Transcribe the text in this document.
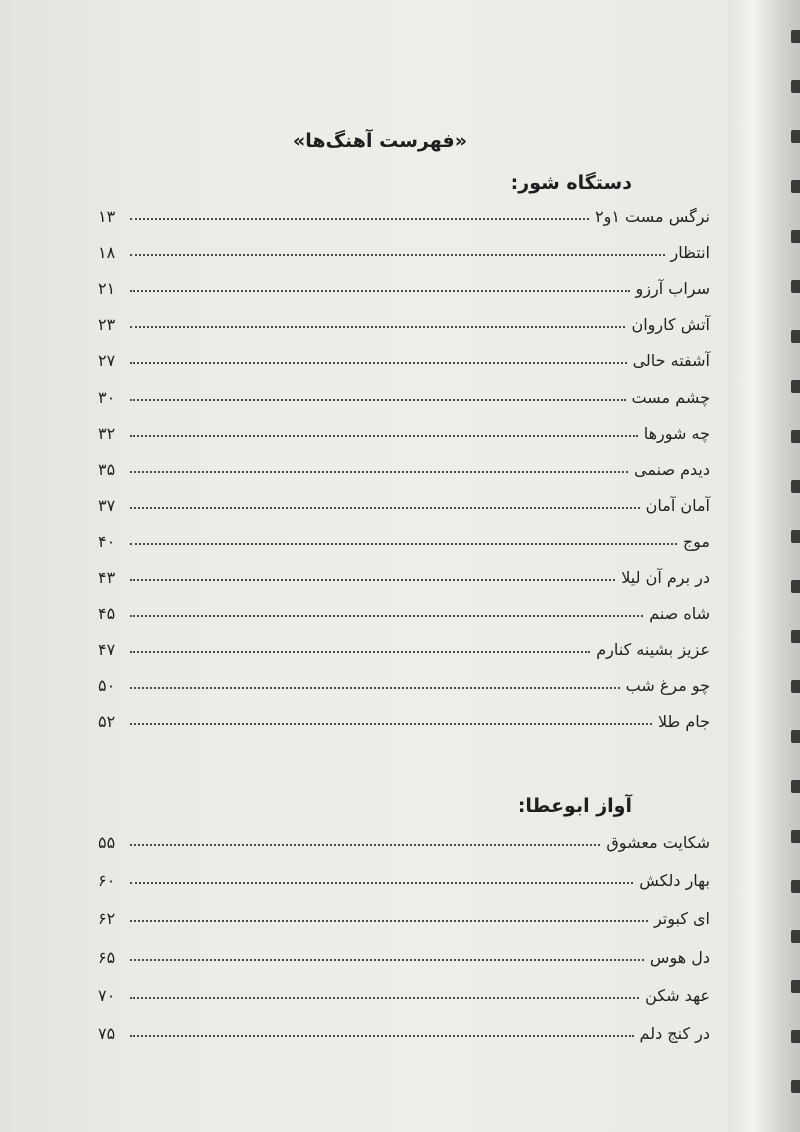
«فهرست آهنگ‌ها»
دستگاه شور:
نرگس مست ۱و۲
۱۳
انتظار
۱۸
سراب آرزو
۲۱
آتش کاروان
۲۳
آشفته حالی
۲۷
چشم مست
۳۰
چه شورها
۳۲
دیدم صنمی
۳۵
آمان آمان
۳۷
موج
۴۰
در برم آن لیلا
۴۳
شاه صنم
۴۵
عزیز بشینه کنارم
۴۷
چو مرغ شب
۵۰
جام طلا
۵۲
آواز ابوعطا:
شکایت معشوق
۵۵
بهار دلکش
۶۰
ای کبوتر
۶۲
دل هوس
۶۵
عهد شکن
۷۰
در کنج دلم
۷۵
